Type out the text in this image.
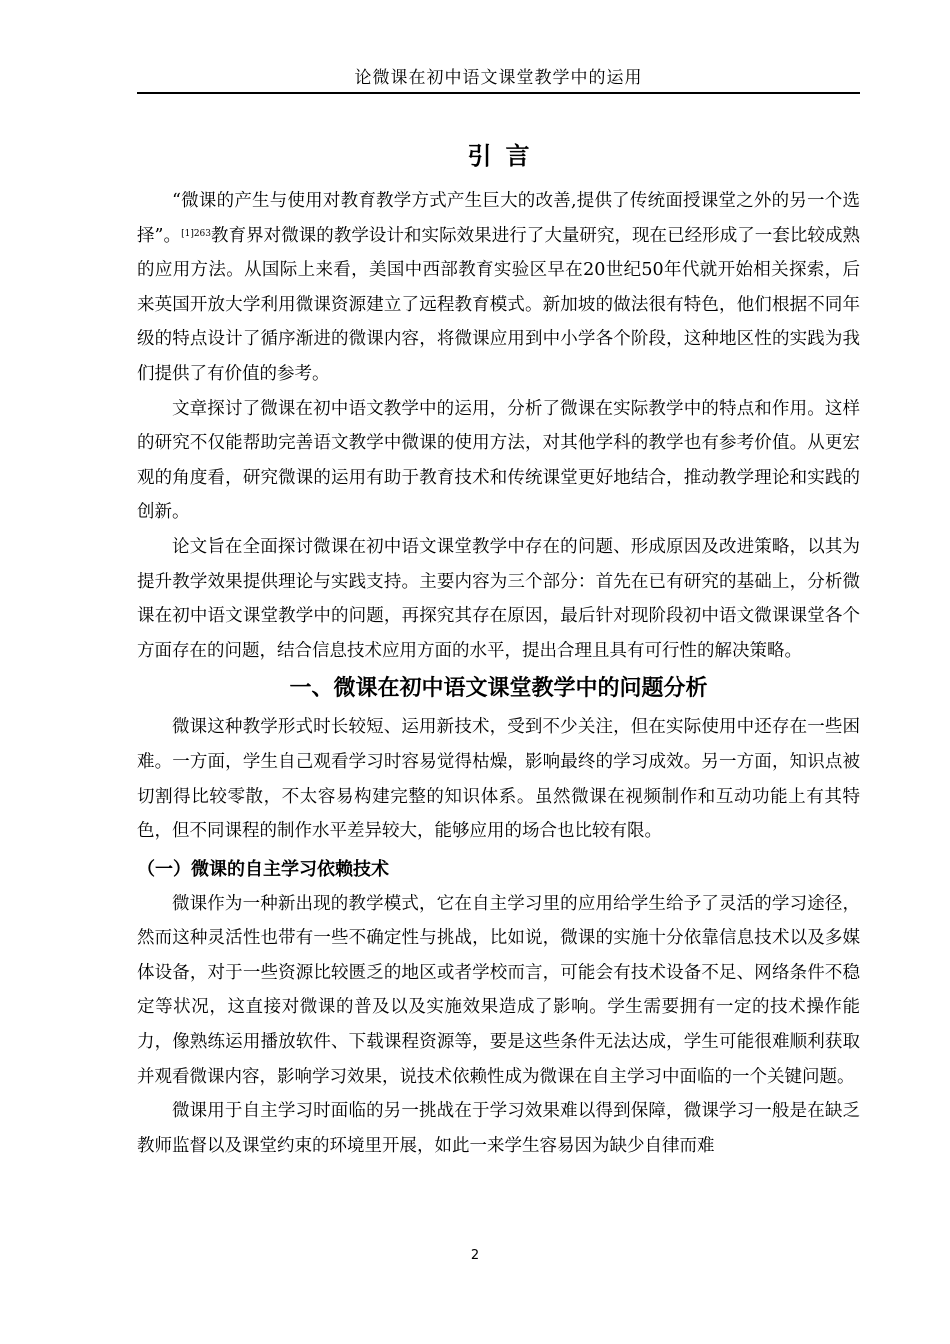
论微课在初中语文课堂教学中的运用
引言

“微课的产生与使用对教育教学方式产生巨大的改善,提供了传统面授课堂之外的另一个选择”。$^{[1]263}$教育界对微课的教学设计和实际效果进行了大量研究，现在已经形成了一套比较成熟的应用方法。从国际上来看，美国中西部教育实验区早在20世纪50年代就开始相关探索，后来英国开放大学利用微课资源建立了远程教育模式。新加坡的做法很有特色，他们根据不同年级的特点设计了循序渐进的微课内容，将微课应用到中小学各个阶段，这种地区性的实践为我们提供了有价值的参考。

文章探讨了微课在初中语文教学中的运用，分析了微课在实际教学中的特点和作用。这样的研究不仅能帮助完善语文教学中微课的使用方法，对其他学科的教学也有参考价值。从更宏观的角度看，研究微课的运用有助于教育技术和传统课堂更好地结合，推动教学理论和实践的创新。

论文旨在全面探讨微课在初中语文课堂教学中存在的问题、形成原因及改进策略，以其为提升教学效果提供理论与实践支持。主要内容为三个部分：首先在已有研究的基础上，分析微课在初中语文课堂教学中的问题，再探究其存在原因，最后针对现阶段初中语文微课课堂各个方面存在的问题，结合信息技术应用方面的水平，提出合理且具有可行性的解决策略。

一、微课在初中语文课堂教学中的问题分析

微课这种教学形式时长较短、运用新技术，受到不少关注，但在实际使用中还存在一些困难。一方面，学生自己观看学习时容易觉得枯燥，影响最终的学习成效。另一方面，知识点被切割得比较零散，不太容易构建完整的知识体系。虽然微课在视频制作和互动功能上有其特色，但不同课程的制作水平差异较大，能够应用的场合也比较有限。

（一）微课的自主学习依赖技术

微课作为一种新出现的教学模式，它在自主学习里的应用给学生给予了灵活的学习途径，然而这种灵活性也带有一些不确定性与挑战，比如说，微课的实施十分依靠信息技术以及多媒体设备，对于一些资源比较匮乏的地区或者学校而言，可能会有技术设备不足、网络条件不稳定等状况，这直接对微课的普及以及实施效果造成了影响。学生需要拥有一定的技术操作能力，像熟练运用播放软件、下载课程资源等，要是这些条件无法达成，学生可能很难顺利获取并观看微课内容，影响学习效果，说技术依赖性成为微课在自主学习中面临的一个关键问题。

微课用于自主学习时面临的另一挑战在于学习效果难以得到保障，微课学习一般是在缺乏教师监督以及课堂约束的环境里开展，如此一来学生容易因为缺少自律而难

2
